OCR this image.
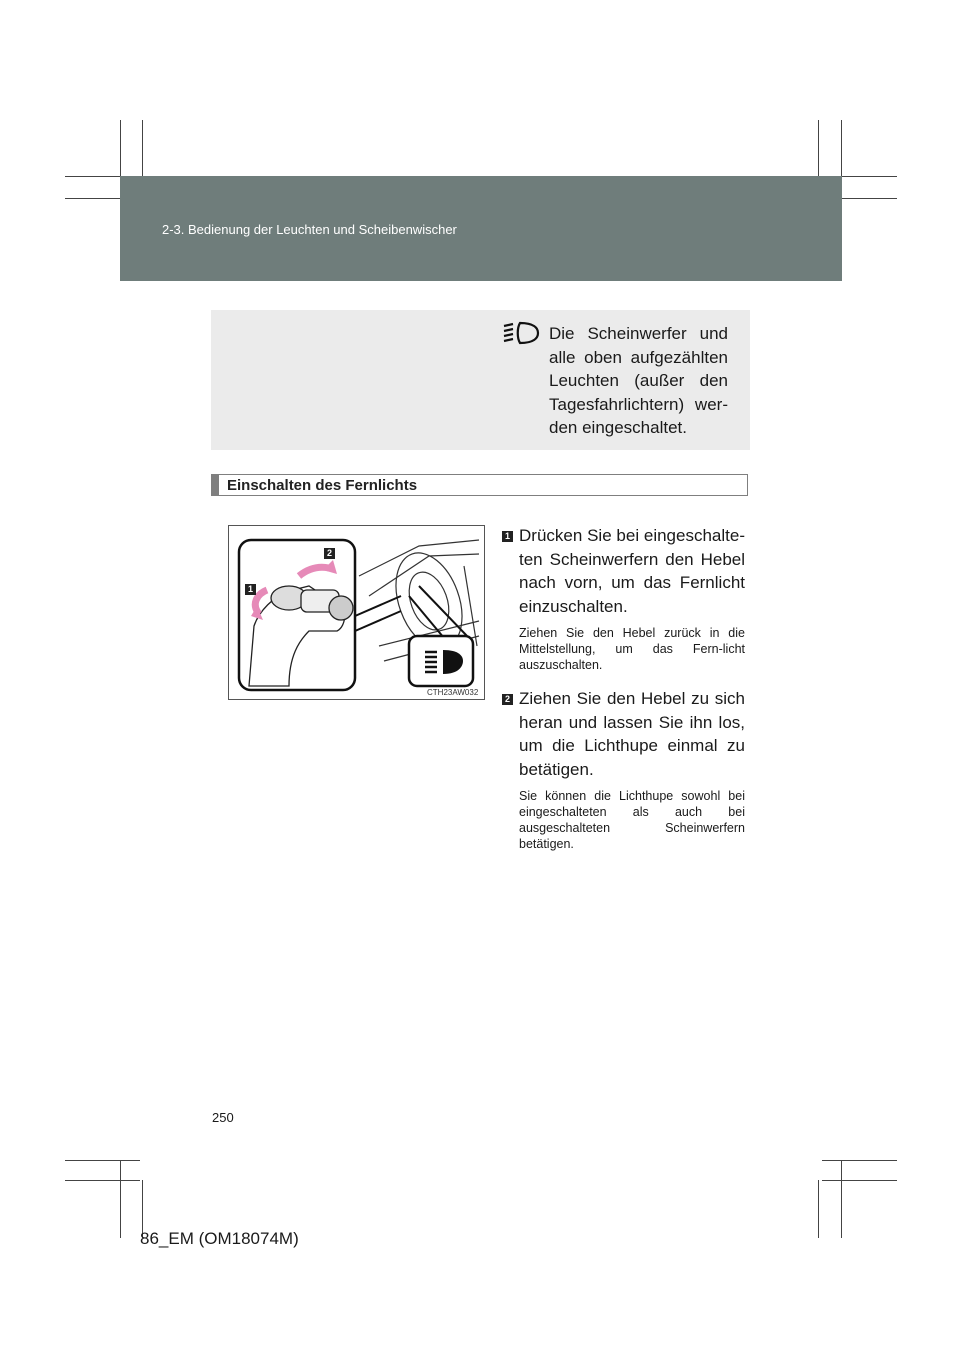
2-3. Bedienung der Leuchten und Scheibenwischer
Die Scheinwerfer und alle oben aufgezählten Leuchten (außer den Tagesfahrlichtern) wer-den eingeschaltet.
Einschalten des Fernlichts
1
2
CTH23AW032
1 Drücken Sie bei eingeschalte-ten Scheinwerfern den Hebel nach vorn, um das Fernlicht einzuschalten.
Ziehen Sie den Hebel zurück in die Mittelstellung, um das Fern-licht auszuschalten.
2 Ziehen Sie den Hebel zu sich heran und lassen Sie ihn los, um die Lichthupe einmal zu betätigen.
Sie können die Lichthupe sowohl bei eingeschalteten als auch bei ausgeschalteten Scheinwerfern betätigen.
250
86_EM (OM18074M)
